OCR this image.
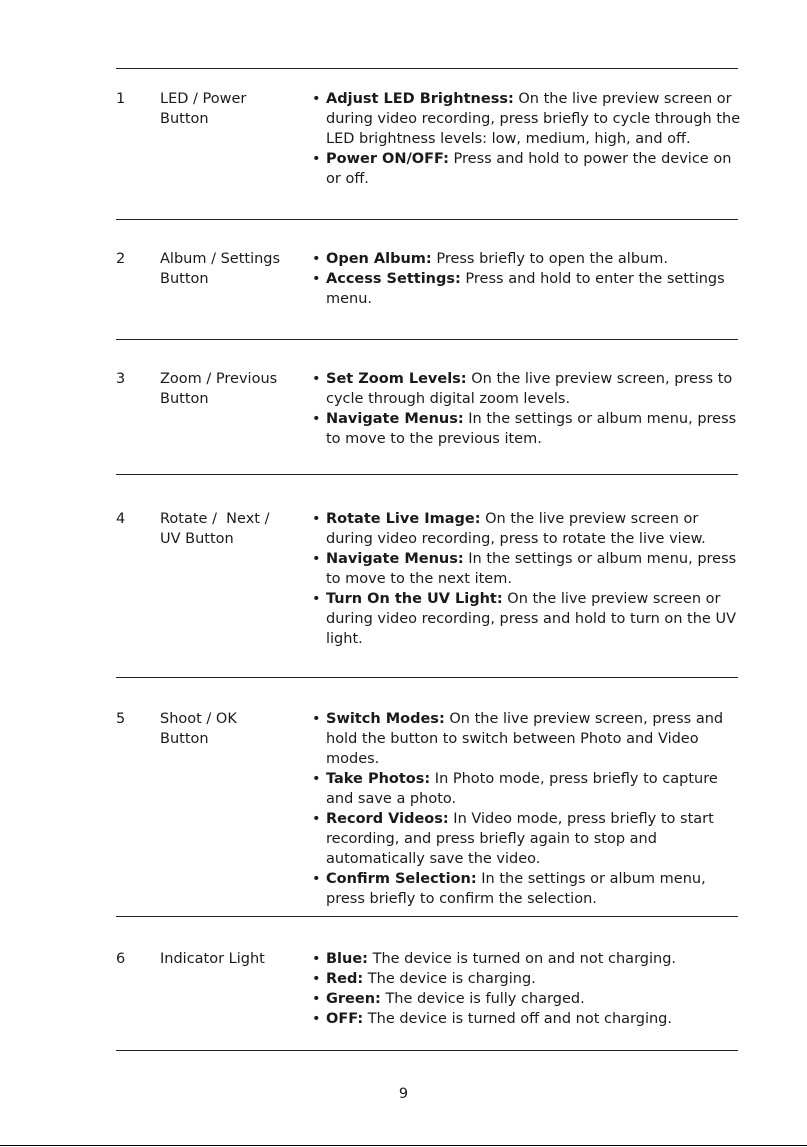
1 LED / Power
Button
• Adjust LED Brightness: On the live preview screen or during video recording, press briefly to cycle through the LED brightness levels: low, medium, high, and off.
• Power ON/OFF: Press and hold to power the device on or off.
2 Album / Settings
Button
• Open Album: Press briefly to open the album.
• Access Settings: Press and hold to enter the settings menu.
3 Zoom / Previous
Button
• Set Zoom Levels: On the live preview screen, press to cycle through digital zoom levels.
• Navigate Menus: In the settings or album menu, press to move to the previous item.
4 Rotate /  Next /
UV Button
• Rotate Live Image: On the live preview screen or during video recording, press to rotate the live view.
• Navigate Menus: In the settings or album menu, press to move to the next item.
• Turn On the UV Light: On the live preview screen or during video recording, press and hold to turn on the UV light.
5 Shoot / OK
Button
• Switch Modes: On the live preview screen, press and hold the button to switch between Photo and Video modes.
• Take Photos: In Photo mode, press briefly to capture and save a photo.
• Record Videos: In Video mode, press briefly to start recording, and press briefly again to stop and automatically save the video.
• Confirm Selection: In the settings or album menu, press briefly to confirm the selection.
6 Indicator Light
•	Blue: The device is turned on and not charging.
• Red: The device is charging.
• Green: The device is fully charged.
• OFF: The device is turned off and not charging.
9
